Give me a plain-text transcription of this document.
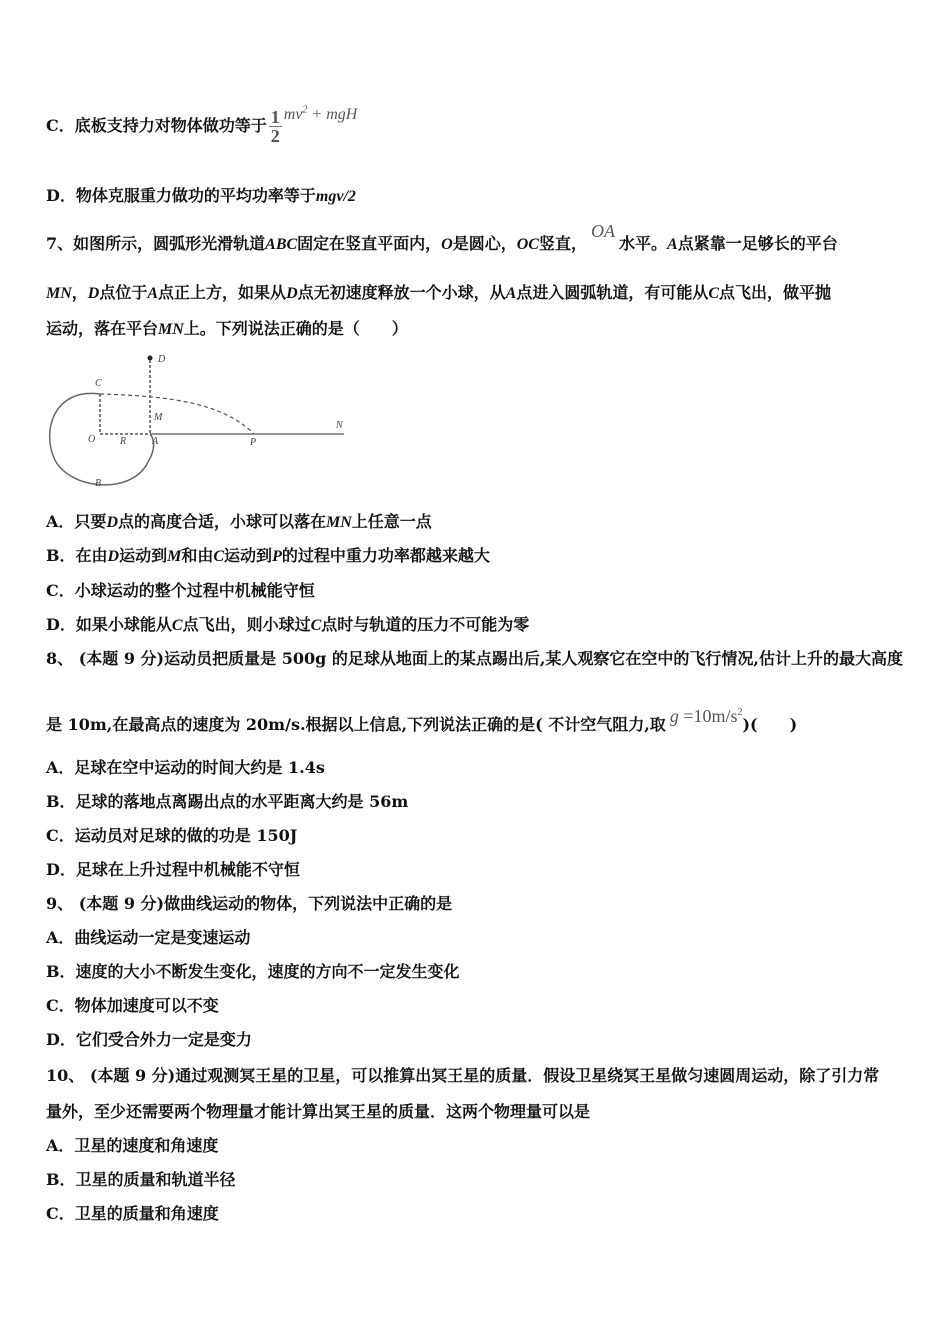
C．底板支持力对物体做功等于 $\frac{1}{2} mv^2$ + mgH
D．物体克服重力做功的平均功率等于mgv/2
7、如图所示，圆弧形光滑轨道ABC固定在竖直平面内，O是圆心，OC竖直，OA水平。A点紧靠一足够长的平台
MN，D点位于A点正上方，如果从D点无初速度释放一个小球，从A点进入圆弧轨道，有可能从C点飞出，做平抛
运动，落在平台MN上。下列说法正确的是（　　）
D
C
M
N
O R	A	P
B
A．只要D点的高度合适，小球可以落在MN上任意一点
B．在由D运动到M和由C运动到P的过程中重力功率都越来越大
C．小球运动的整个过程中机械能守恒
D．如果小球能从C点飞出，则小球过C点时与轨道的压力不可能为零
8、 (本题 9 分)运动员把质量是 500g 的足球从地面上的某点踢出后,某人观察它在空中的飞行情况,估计上升的最大高度
是 10m,在最高点的速度为 20m/s.根据以上信息,下列说法正确的是( 不计空气阻力,取 $g =10m/s^2$)(　　)
A．足球在空中运动的时间大约是 1.4s
B．足球的落地点离踢出点的水平距离大约是 56m
C．运动员对足球的做的功是 150J
D．足球在上升过程中机械能不守恒
9、 (本题 9 分)做曲线运动的物体，下列说法中正确的是
A．曲线运动一定是变速运动
B．速度的大小不断发生变化，速度的方向不一定发生变化
C．物体加速度可以不变
D．它们受合外力一定是变力
10、 (本题 9 分)通过观测冥王星的卫星，可以推算出冥王星的质量．假设卫星绕冥王星做匀速圆周运动，除了引力常
量外，至少还需要两个物理量才能计算出冥王星的质量．这两个物理量可以是
A．卫星的速度和角速度
B．卫星的质量和轨道半径
C．卫星的质量和角速度
